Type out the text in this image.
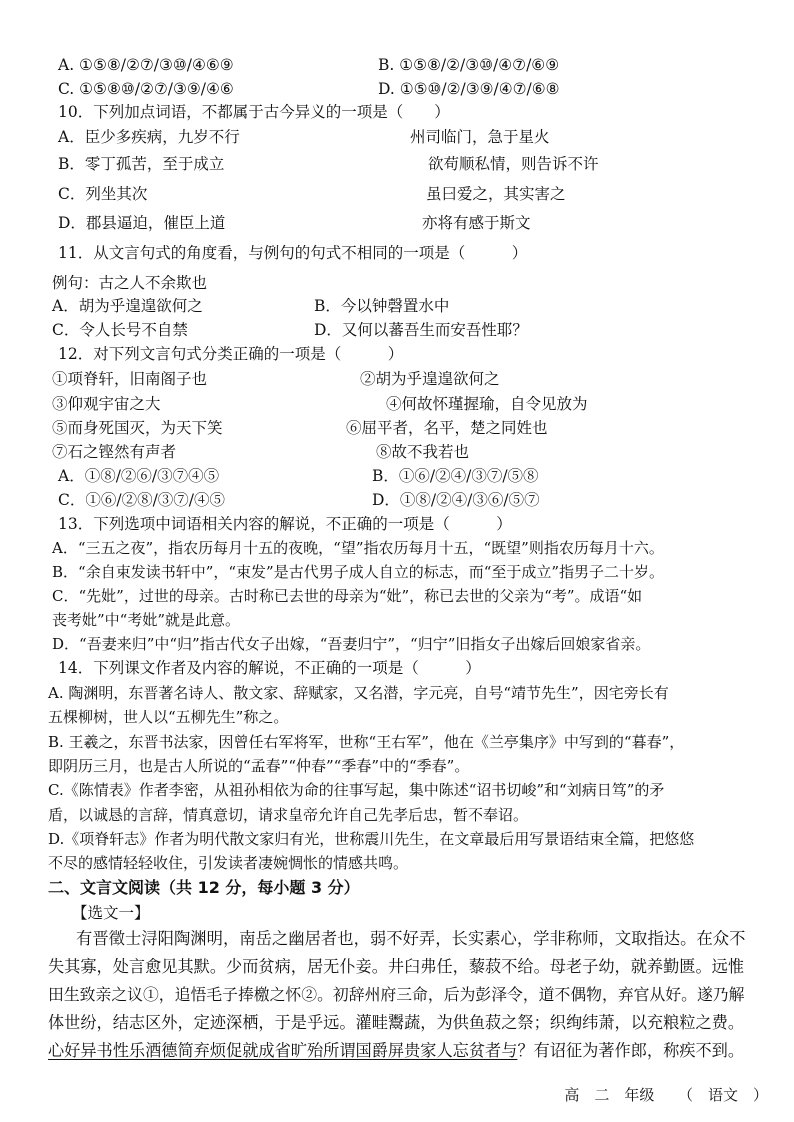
A. ①⑤⑧/②⑦/③⑩/④⑥⑨	B. ①⑤⑧/②/③⑩/④⑦/⑥⑨
C. ①⑤⑧⑩/②⑦/③⑨/④⑥	D. ①⑤⑩/②/③⑨/④⑦/⑥⑧
10．下列加点词语，不都属于古今异义的一项是（　　）
A．臣少多疾病，九岁不行	州司临门，急于星火
B．零丁孤苦，至于成立	欲苟顺私情，则告诉不许
C．列坐其次	虽曰爱之，其实害之
D．郡县逼迫，催臣上道	亦将有感于斯文
11．从文言句式的角度看，与例句的句式不相同的一项是（　　　）
例句：古之人不余欺也
A．胡为乎遑遑欲何之	B．今以钟磬置水中
C．令人长号不自禁	D．又何以蕃吾生而安吾性耶？
12．对下列文言句式分类正确的一项是（　　　）
①项脊轩，旧南阁子也	②胡为乎遑遑欲何之
③仰观宇宙之大	④何故怀瑾握瑜，自令见放为
⑤而身死国灭，为天下笑	⑥屈平者，名平，楚之同姓也
⑦石之铿然有声者	⑧故不我若也
A．①⑧/②⑥/③⑦④⑤	B．①⑥/②④/③⑦/⑤⑧
C．①⑥/②⑧/③⑦/④⑤	D．①⑧/②④/③⑥/⑤⑦
13．下列选项中词语相关内容的解说，不正确的一项是（　　　）
A．“三五之夜”，指农历每月十五的夜晚，“望”指农历每月十五，“既望”则指农历每月十六。
B．“余自束发读书轩中”，“束发”是古代男子成人自立的标志，而“至于成立”指男子二十岁。
C．“先妣”，过世的母亲。古时称已去世的母亲为“妣”，称已去世的父亲为“考”。成语“如
丧考妣”中“考妣”就是此意。
D．“吾妻来归”中“归”指古代女子出嫁，“吾妻归宁”，“归宁”旧指女子出嫁后回娘家省亲。
14．下列课文作者及内容的解说，不正确的一项是（　　　）
A. 陶渊明，东晋著名诗人、散文家、辞赋家，又名潜，字元亮，自号“靖节先生”，因宅旁长有
五棵柳树，世人以“五柳先生”称之。
B. 王羲之，东晋书法家，因曾任右军将军，世称“王右军”，他在《兰亭集序》中写到的“暮春”，
即阴历三月，也是古人所说的“孟春”“仲春”“季春”中的“季春”。
C.《陈情表》作者李密，从祖孙相依为命的往事写起，集中陈述“诏书切峻”和“刘病日笃”的矛
盾，以诚恳的言辞，情真意切，请求皇帝允许自己先孝后忠，暂不奉诏。
D.《项脊轩志》作者为明代散文家归有光，世称震川先生，在文章最后用写景语结束全篇，把悠悠
不尽的感情轻轻收住，引发读者凄婉惆怅的情感共鸣。
二、文言文阅读（共 12 分，每小题 3 分）
【选文一】
有晋徵士浔阳陶渊明，南岳之幽居者也，弱不好弄，长实素心，学非称师，文取指达。在众不
失其寡，处言愈见其默。少而贫病，居无仆妾。井臼弗任，藜菽不给。母老子幼，就养勤匮。远惟
田生致亲之议①，追悟毛子捧檄之怀②。初辞州府三命，后为彭泽令，道不偶物，弃官从好。遂乃解
体世纷，结志区外，定迹深栖，于是乎远。灌畦鬻蔬，为供鱼菽之祭；织绚纬萧，以充粮粒之费。
心好异书性乐酒德简弃烦促就成省旷殆所谓国爵屏贵家人忘贫者与？有诏征为著作郎，称疾不到。
高　二　年级 （　语文　）
